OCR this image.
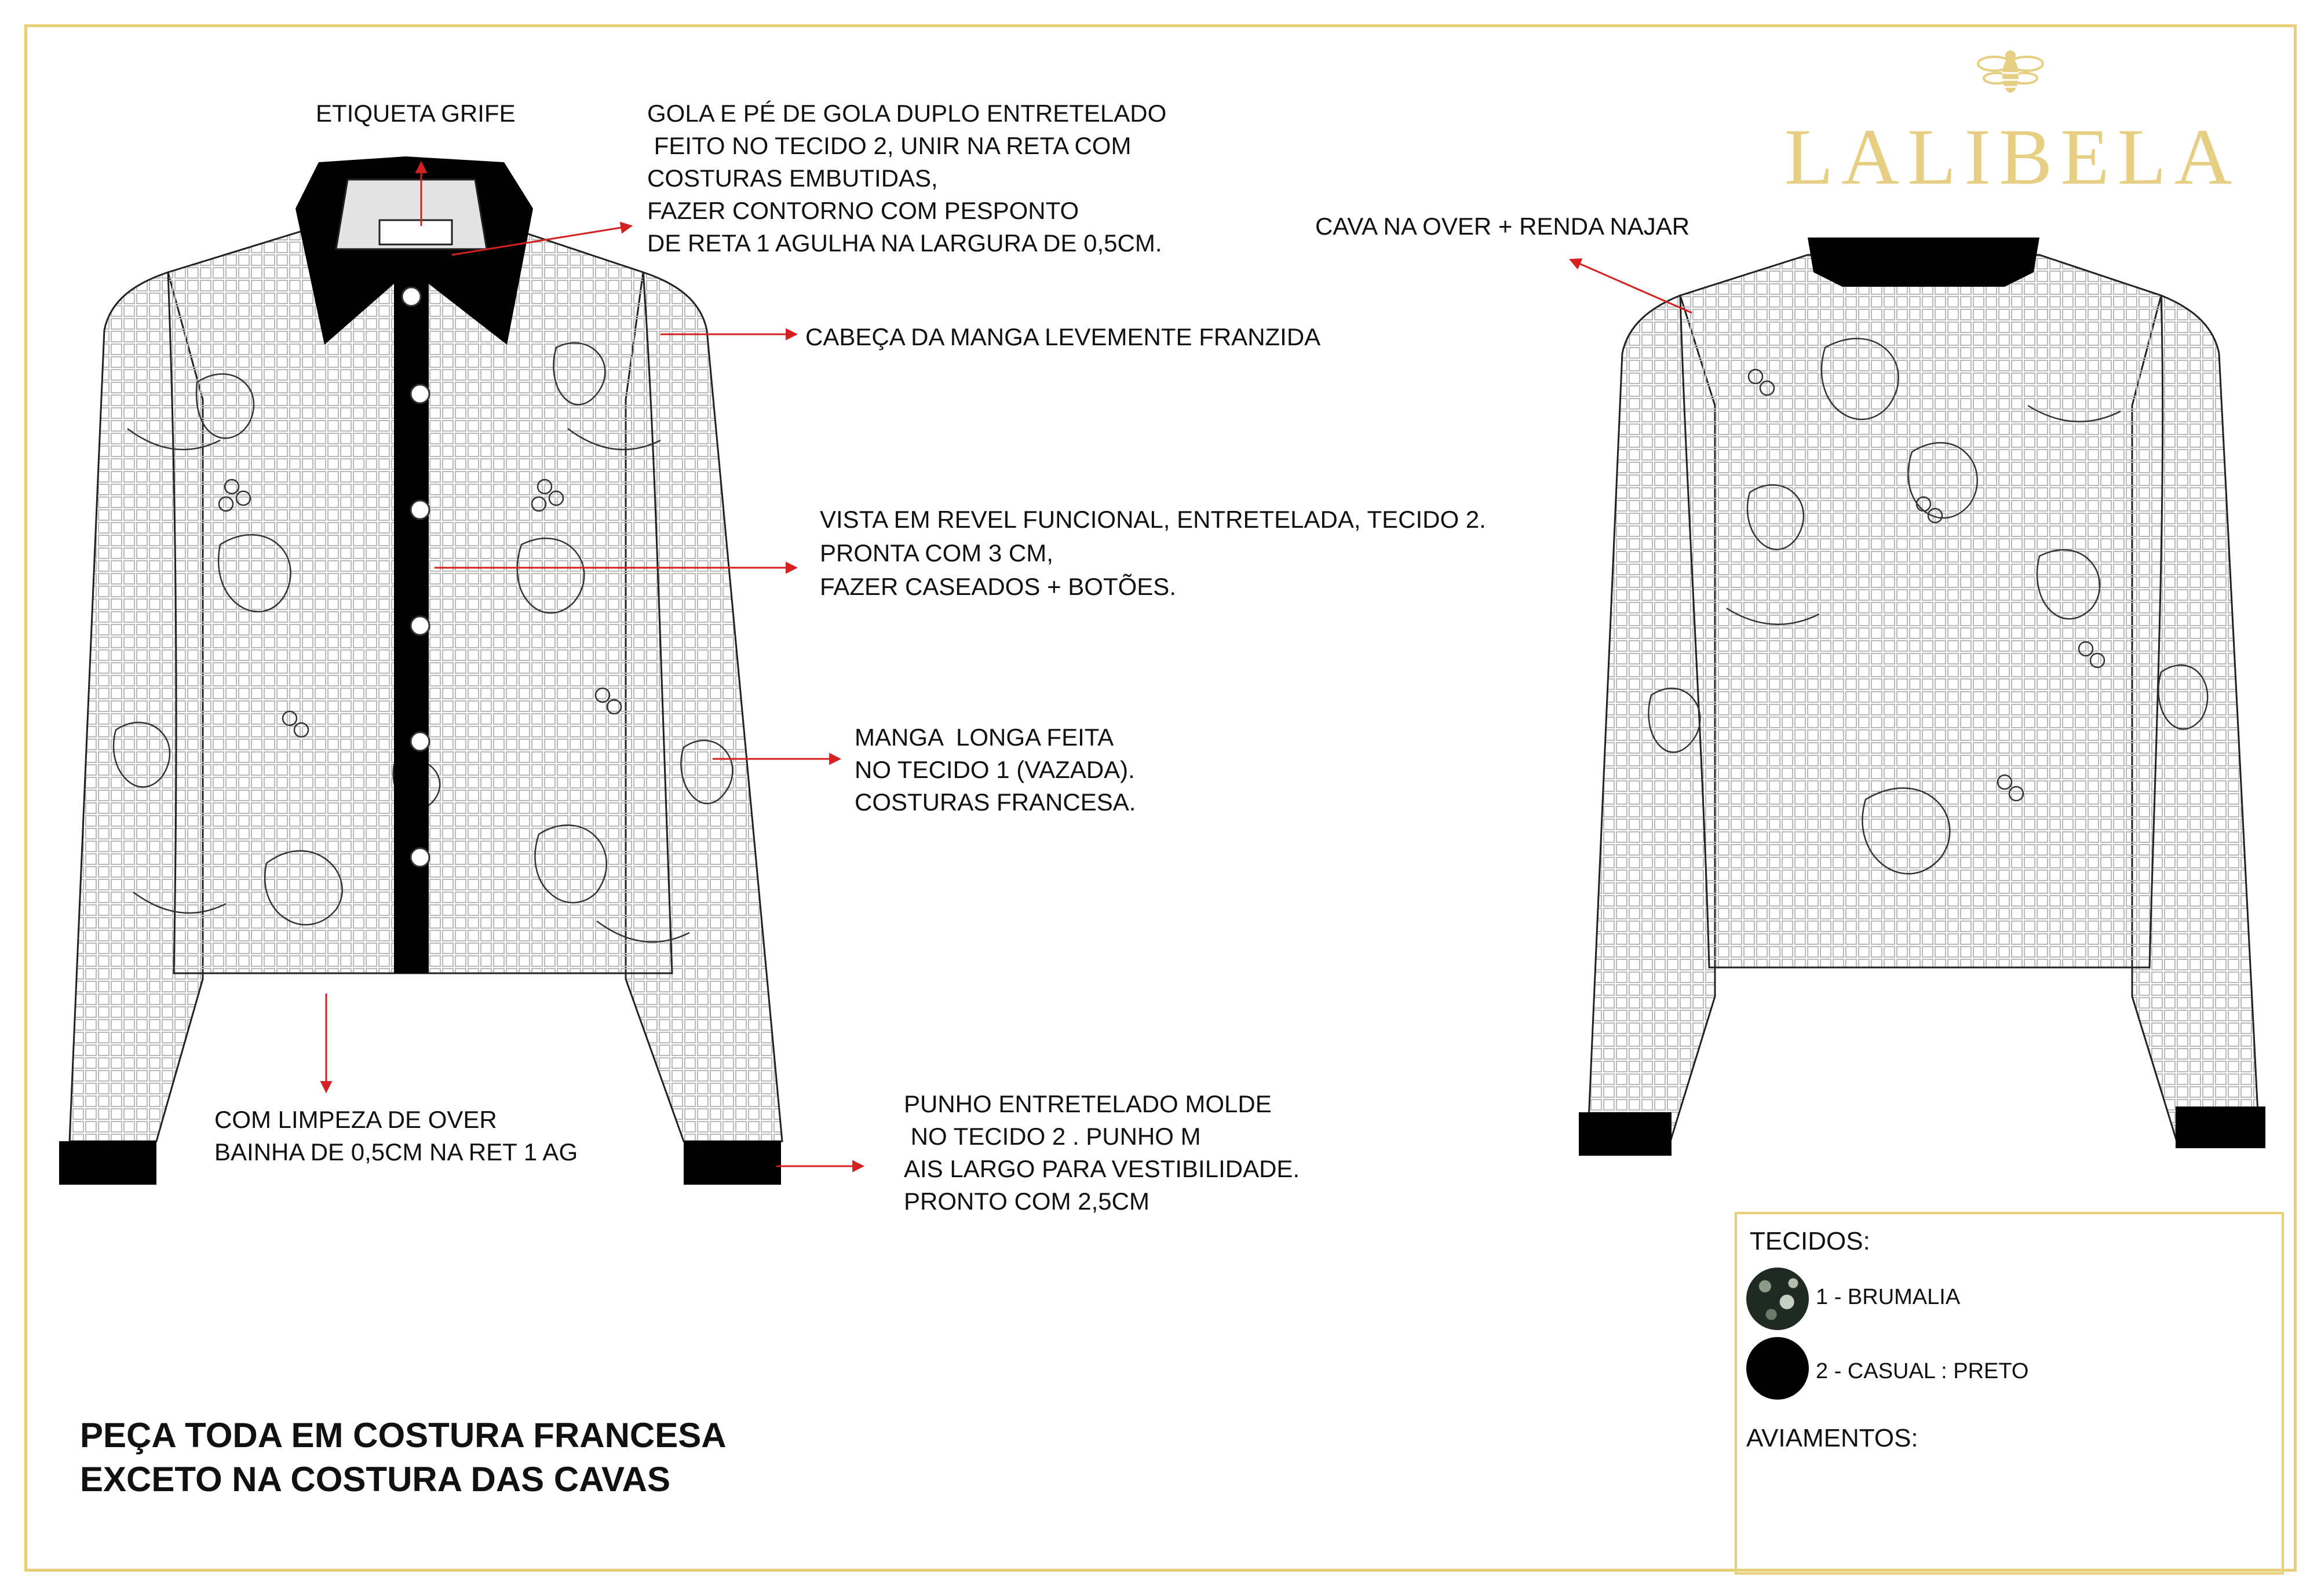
LALIBELA
ETIQUETA GRIFE	GOLA E PÉ DE GOLA DUPLO ENTRETELADO
FEITO NO TECIDO 2, UNIR NA RETA COM
COSTURAS EMBUTIDAS,
FAZER CONTORNO COM PESPONTO
DE RETA 1 AGULHA NA LARGURA DE 0,5CM.
CABEÇA DA MANGA LEVEMENTE FRANZIDA
VISTA EM REVEL FUNCIONAL, ENTRETELADA, TECIDO 2.
PRONTA COM 3 CM,
FAZER CASEADOS + BOTÕES.
MANGA  LONGA FEITA
NO TECIDO 1 (VAZADA).
COSTURAS FRANCESA.
COM LIMPEZA DE OVER
BAINHA DE 0,5CM NA RET 1 AG
PUNHO ENTRETELADO MOLDE
NO TECIDO 2 . PUNHO M
AIS LARGO PARA VESTIBILIDADE.
PRONTO COM 2,5CM
CAVA NA OVER + RENDA NAJAR
PEÇA TODA EM COSTURA FRANCESA
EXCETO NA COSTURA DAS CAVAS
TECIDOS:
1 - BRUMALIA
2 - CASUAL : PRETO
AVIAMENTOS:
